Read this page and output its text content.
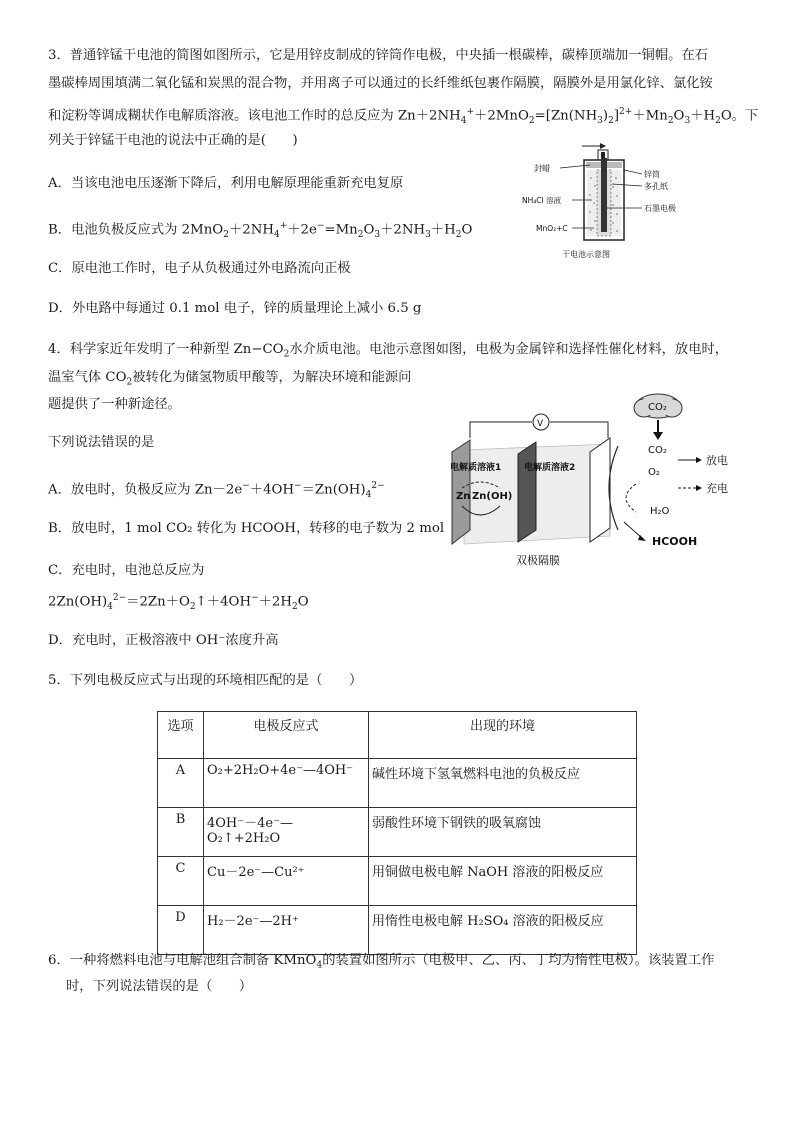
3．普通锌锰干电池的简图如图所示，它是用锌皮制成的锌筒作电极，中央插一根碳棒，碳棒顶端加一铜帽。在石
墨碳棒周围填满二氧化锰和炭黑的混合物，并用离子可以通过的长纤维纸包裹作隔膜，隔膜外是用氯化锌、氯化铵
和淀粉等调成糊状作电解质溶液。该电池工作时的总反应为 $Zn+2NH_4^++2MnO_2=[Zn(NH_3)_2]^{2+}+Mn_2O_3+H_2O$。下
列关于锌锰干电池的说法中正确的是(　　)
A．当该电池电压逐渐下降后，利用电解原理能重新充电复原
B．电池负极反应式为 $2MnO_2+2NH_4^++2e^-=Mn_2O_3+2NH_3+H_2O$
C．原电池工作时，电子从负极通过外电路流向正极
D．外电路中每通过 0.1 mol 电子，锌的质量理论上减小 6.5 g
封蜡
锌筒
多孔纸
NH₄Cl 溶液
石墨电极
MnO₂+C
干电池示意图
4．科学家近年发明了一种新型 $Zn-CO_2$水介质电池。电池示意图如图，电极为金属锌和选择性催化材料，放电时，
温室气体 $CO_2$被转化为储氢物质甲酸等，为解决环境和能源问
题提供了一种新途径。
下列说法错误的是
A．放电时，负极反应为 $Zn-2e^-+4OH^-=Zn(OH)_4^{2-}$
B．放电时，1 mol CO₂ 转化为 HCOOH，转移的电子数为 2 mol
C．充电时，电池总反应为
$2Zn(OH)_4^{2-}=2Zn+O_2↑+4OH^-+2H_2O$
D．充电时，正极溶液中 OH⁻浓度升高
CO₂
V
CO₂
O₂
H₂O
HCOOH
放电
充电
电解质溶液1	电解质溶液2
Zn Zn(OH)
双极隔膜
5．下列电极反应式与出现的环境相匹配的是（　　）
选项	电极反应式	出现的环境
A	O₂+2H₂O+4e⁻—4OH⁻	碱性环境下氢氧燃料电池的负极反应
B	4OH⁻－4e⁻—O₂↑+2H₂O	弱酸性环境下钢铁的吸氧腐蚀
C	Cu－2e⁻—Cu²⁺	用铜做电极电解 NaOH 溶液的阳极反应
D	H₂－2e⁻—2H⁺	用惰性电极电解 H₂SO₄ 溶液的阳极反应
6．一种将燃料电池与电解池组合制备 KMnO$_4$的装置如图所示（电极甲、乙、丙、丁均为惰性电极）。该装置工作
时，下列说法错误的是（　　）
